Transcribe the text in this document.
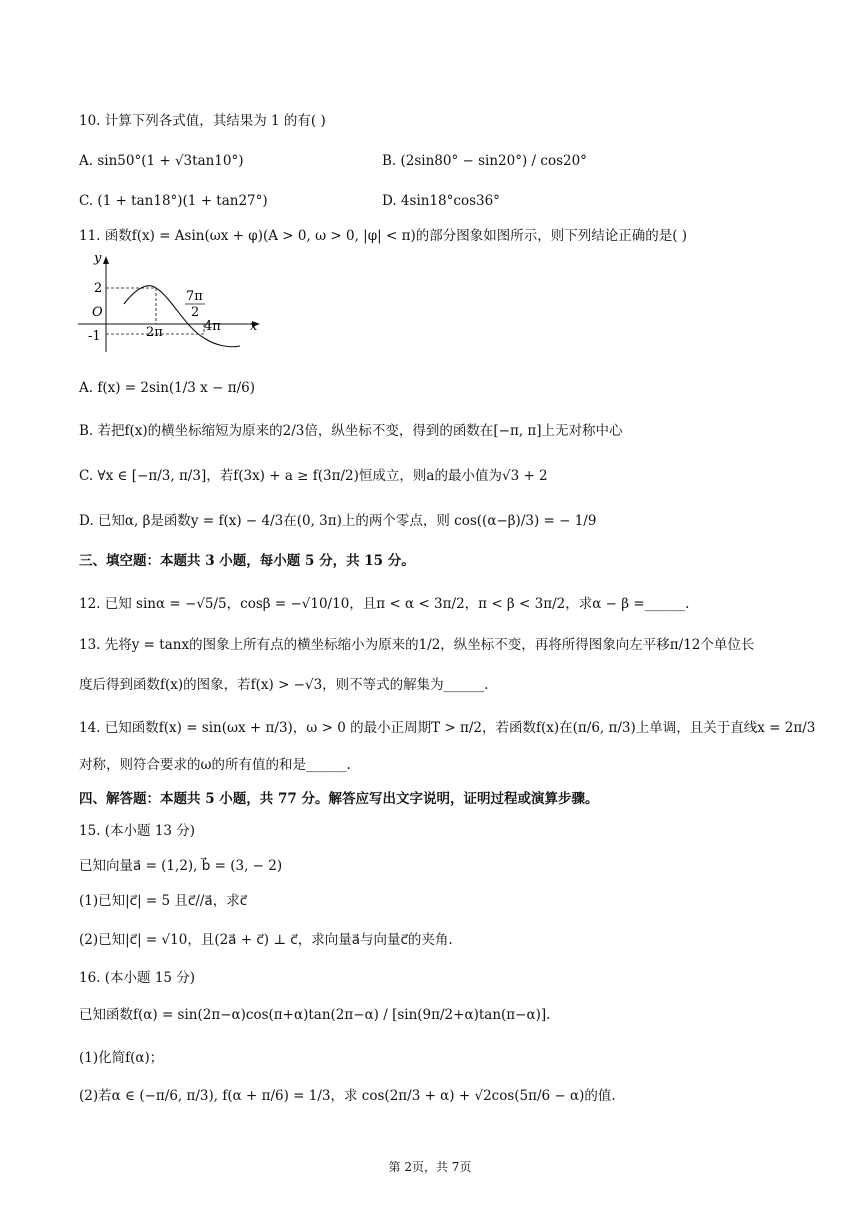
10. 计算下列各式值，其结果为 1 的有( )
A. sin50°(1 + √3tan10°)	B. (2sin80° − sin20°) / cos20°
C. (1 + tan18°)(1 + tan27°)	D. 4sin18°cos36°
11. 函数f(x) = Asin(ωx + φ)(A > 0, ω > 0, |φ| < π)的部分图象如图所示，则下列结论正确的是( )
y
x
O
2
-1	2π
7π
2
4π
A. f(x) = 2sin(1/3 x − π/6)
B. 若把f(x)的横坐标缩短为原来的2/3倍，纵坐标不变，得到的函数在[−π, π]上无对称中心
C. ∀x ∈ [−π/3, π/3]，若f(3x) + a ≥ f(3π/2)恒成立，则a的最小值为√3 + 2
D. 已知α, β是函数y = f(x) − 4/3在(0, 3π)上的两个零点，则 cos((α−β)/3) = − 1/9
三、填空题：本题共 3 小题，每小题 5 分，共 15 分。
12. 已知 sinα = −√5/5，cosβ = −√10/10，且π < α < 3π/2，π < β < 3π/2，求α − β =______.
13. 先将y = tanx的图象上所有点的横坐标缩小为原来的1/2，纵坐标不变，再将所得图象向左平移π/12个单位长
度后得到函数f(x)的图象，若f(x) > −√3，则不等式的解集为______.
14. 已知函数f(x) = sin(ωx + π/3)，ω > 0 的最小正周期T > π/2，若函数f(x)在(π/6, π/3)上单调，且关于直线x = 2π/3
对称，则符合要求的ω的所有值的和是______.
四、解答题：本题共 5 小题，共 77 分。解答应写出文字说明，证明过程或演算步骤。
15. (本小题 13 分)
已知向量a⃗ = (1,2), b⃗ = (3, − 2)
(1)已知|c⃗| = 5 且c⃗//a⃗，求c⃗
(2)已知|c⃗| = √10，且(2a⃗ + c⃗) ⊥ c⃗，求向量a⃗与向量c⃗的夹角.
16. (本小题 15 分)
已知函数f(α) = sin(2π−α)cos(π+α)tan(2π−α) / [sin(9π/2+α)tan(π−α)].
(1)化简f(α)；
(2)若α ∈ (−π/6, π/3), f(α + π/6) = 1/3，求 cos(2π/3 + α) + √2cos(5π/6 − α)的值.
第 2页，共 7页
